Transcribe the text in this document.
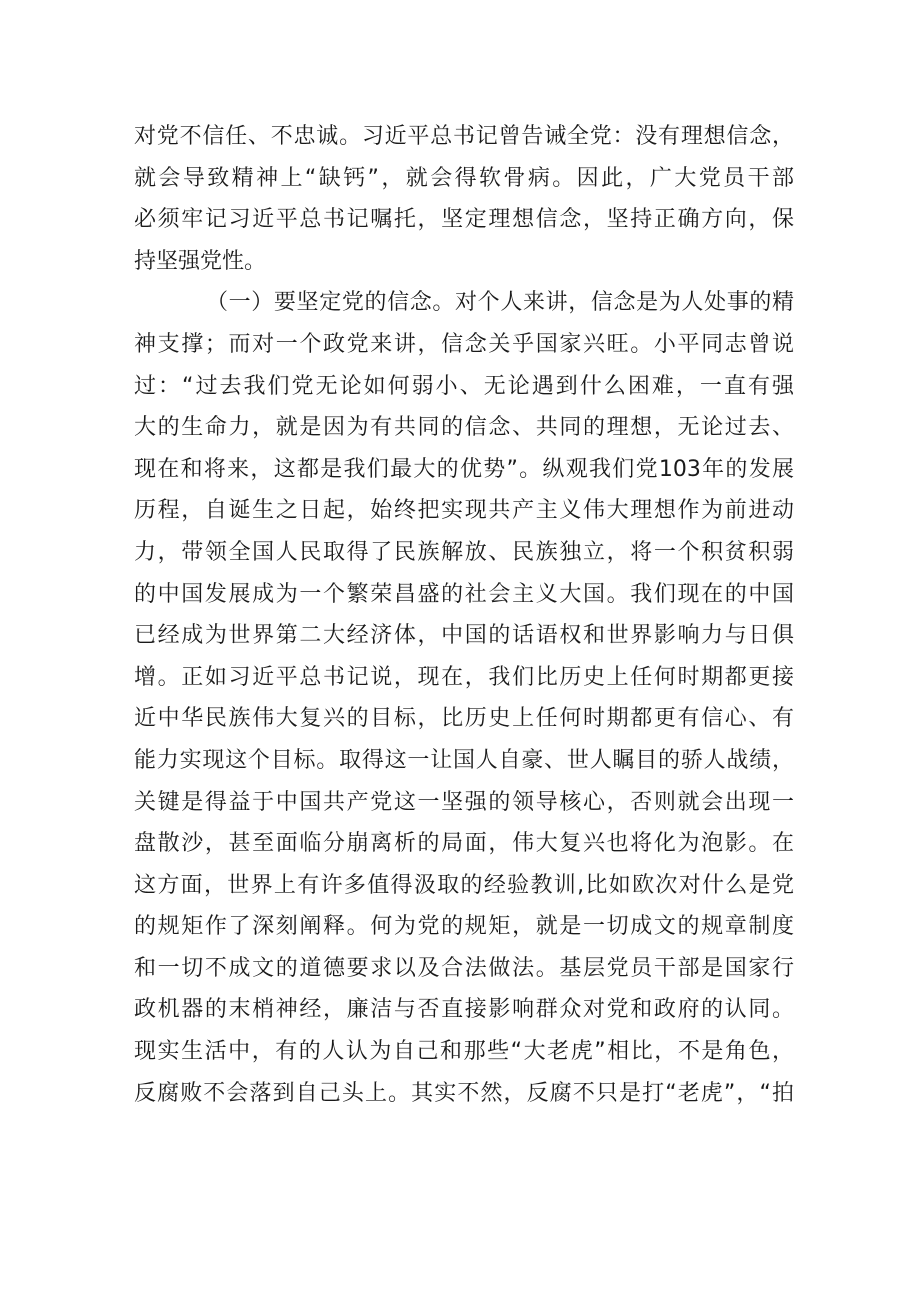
对党不信任、不忠诚。习近平总书记曾告诫全党：没有理想信念，
就会导致精神上“缺钙”，就会得软骨病。因此，广大党员干部
必须牢记习近平总书记嘱托，坚定理想信念，坚持正确方向，保
持坚强党性。
（一）要坚定党的信念。对个人来讲，信念是为人处事的精
神支撑；而对一个政党来讲，信念关乎国家兴旺。小平同志曾说
过：“过去我们党无论如何弱小、无论遇到什么困难，一直有强
大的生命力，就是因为有共同的信念、共同的理想，无论过去、
现在和将来，这都是我们最大的优势”。纵观我们党103年的发展
历程，自诞生之日起，始终把实现共产主义伟大理想作为前进动
力，带领全国人民取得了民族解放、民族独立，将一个积贫积弱
的中国发展成为一个繁荣昌盛的社会主义大国。我们现在的中国
已经成为世界第二大经济体，中国的话语权和世界影响力与日俱
增。正如习近平总书记说，现在，我们比历史上任何时期都更接
近中华民族伟大复兴的目标，比历史上任何时期都更有信心、有
能力实现这个目标。取得这一让国人自豪、世人瞩目的骄人战绩，
关键是得益于中国共产党这一坚强的领导核心，否则就会出现一
盘散沙，甚至面临分崩离析的局面，伟大复兴也将化为泡影。在
这方面，世界上有许多值得汲取的经验教训,比如欧次对什么是党
的规矩作了深刻阐释。何为党的规矩，就是一切成文的规章制度
和一切不成文的道德要求以及合法做法。基层党员干部是国家行
政机器的末梢神经，廉洁与否直接影响群众对党和政府的认同。
现实生活中，有的人认为自己和那些“大老虎”相比，不是角色，
反腐败不会落到自己头上。其实不然，反腐不只是打“老虎”，“拍
